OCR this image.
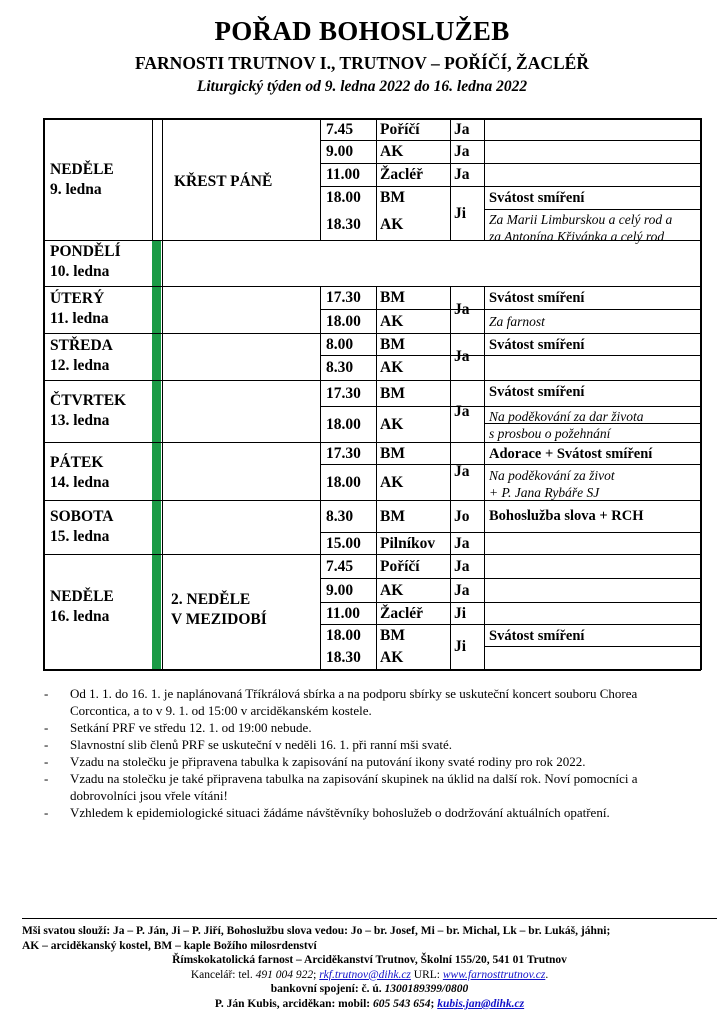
POŘAD BOHOSLUŽEB
FARNOSTI TRUTNOV I., TRUTNOV – POŘÍČÍ, ŽACLÉŘ
Liturgický týden od 9. ledna 2022 do 16. ledna 2022
NEDĚLE
9. ledna
PONDĚLÍ
10. ledna
ÚTERÝ
11. ledna
STŘEDA
12. ledna
ČTVRTEK
13. ledna
PÁTEK
14. ledna
SOBOTA
15. ledna
NEDĚLE
16. ledna
KŘEST PÁNĚ
2. NEDĚLE
V MEZIDOBÍ
7.45 Poříčí
9.00 AK
11.00 Žacléř
18.00 BM
18.30 AK
17.30 BM
18.00 AK
8.00 BM
8.30 AK
17.30 BM
18.00 AK
17.30 BM
18.00 AK
8.30 BM
15.00 Pilníkov
7.45 Poříčí
9.00 AK
11.00 Žacléř
18.00 BM
18.30 AK
Ja
Ja
Ja
Ji
Ja
Ja
Ja
Ja
Jo
Ja
Ja
Ja
Ji
Ji
Svátost smíření
Svátost smíření
Svátost smíření
Svátost smíření
Adorace + Svátost smíření
Bohoslužba slova + RCH
Svátost smíření
Za Marii Limburskou a celý rod a
za Antonína Křivánka a celý rod
Za farnost
Na poděkování za dar života
s prosbou o požehnání
Na poděkování za život
+ P. Jana Rybáře SJ
- Od 1. 1. do 16. 1. je naplánovaná Tříkrálová sbírka a na podporu sbírky se uskuteční koncert souboru Chorea Corcontica, a to v 9. 1. od 15:00 v arciděkanském kostele.
- Setkání PRF ve středu 12. 1. od 19:00 nebude.
- Slavnostní slib členů PRF se uskuteční v neděli 16. 1. při ranní mši svaté.
- Vzadu na stolečku je připravena tabulka k zapisování na putování ikony svaté rodiny pro rok 2022.
- Vzadu na stolečku je také připravena tabulka na zapisování skupinek na úklid na další rok. Noví pomocníci a dobrovolníci jsou vřele vítáni!
- Vzhledem k epidemiologické situaci žádáme návštěvníky bohoslužeb o dodržování aktuálních opatření.
Mši svatou slouží: Ja – P. Ján, Ji – P. Jiří, Bohoslužbu slova vedou: Jo – br. Josef, Mi – br. Michal, Lk – br. Lukáš, jáhni;
AK – arciděkanský kostel, BM – kaple Božího milosrdenství
Římskokatolická farnost – Arciděkanství Trutnov, Školní 155/20, 541 01 Trutnov
Kancelář: tel. 491 004 922; rkf.trutnov@dihk.cz URL: www.farnosttrutnov.cz.
bankovní spojení: č. ú. 1300189399/0800
P. Ján Kubis, arciděkan: mobil: 605 543 654; kubis.jan@dihk.cz
